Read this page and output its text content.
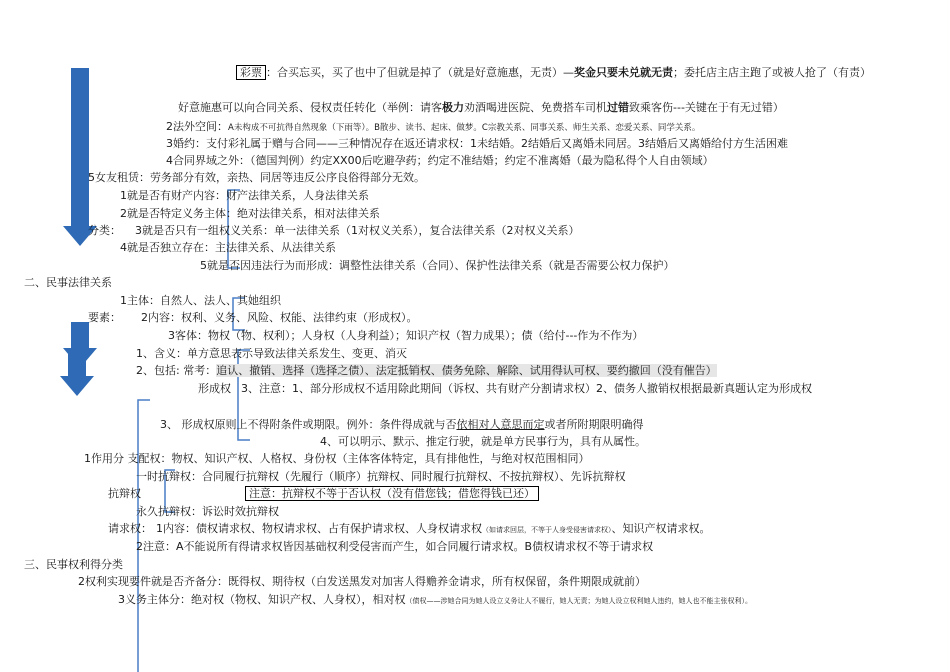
彩票 ：合买忘买，买了也中了但就是掉了（就是好意施惠，无责）—奖金只要未兑就无责；委托店主店主跑了或被人抢了（有责）
好意施惠可以向合同关系、侵权责任转化（举例：请客极力劝酒喝进医院、免费搭车司机过错致乘客伤---关键在于有无过错）
2法外空间：A未构成不可抗得自然现象（下雨等）。B散步、读书、起床、做梦。C宗教关系、同事关系、师生关系、恋爱关系、同学关系。
3婚约：支付彩礼属于赠与合同——三种情况存在返还请求权：1未结婚。2结婚后又离婚未同居。3结婚后又离婚给付方生活困难
4合同界域之外：（德国判例）约定XX00后吃避孕药；约定不准结婚；约定不准离婚（最为隐私得个人自由领域）
5女友租赁：劳务部分有效，亲热、同居等违反公序良俗得部分无效。
1就是否有财产内容：财产法律关系，人身法律关系
2就是否特定义务主体：绝对法律关系，相对法律关系
分类： 3就是否只有一组权义关系：单一法律关系（1对权义关系），复合法律关系（2对权义关系）
4就是否独立存在：主法律关系、从法律关系
5就是否因违法行为而形成：调整性法律关系（合同）、保护性法律关系（就是否需要公权力保护）
二、民事法律关系
1主体：自然人、法人、其她组织
要素： 2内容：权利、义务、风险、权能、法律约束（形成权）。
3客体：物权（物、权利）；人身权（人身利益）；知识产权（智力成果）；债（给付---作为不作为）
1、含义：单方意思表示导致法律关系发生、变更、消灭
2、包括: 常考：追认、撤销、选择（选择之债）、法定抵销权、债务免除、解除、试用得认可权、要约撤回（没有催告）
形成权 3、注意：1、部分形成权不适用除此期间（诉权、共有财产分割请求权）2、债务人撤销权根据最新真题认定为形成权
3、 形成权原则上不得附条件或期限。例外：条件得成就与否依相对人意思而定或者所附期限明确得
4、可以明示、默示、推定行驶，就是单方民事行为，具有从属性。
1作用分 支配权：物权、知识产权、人格权、身份权（主体客体特定，具有排他性，与绝对权范围相同）
一时抗辩权：合同履行抗辩权（先履行（顺序）抗辩权、同时履行抗辩权、不按抗辩权）、先诉抗辩权
抗辩权	注意：抗辩权不等于否认权（没有借您钱；借您得钱已还）
永久抗辩权：诉讼时效抗辩权
请求权： 1内容：债权请求权、物权请求权、占有保护请求权、人身权请求权（如请求回层，不等于人身受侵害请求权）、知识产权请求权。
2注意：A不能说所有得请求权皆因基础权利受侵害而产生，如合同履行请求权。B债权请求权不等于请求权
三、民事权利得分类
2权利实现要件就是否齐备分：既得权、期待权（白发送黑发对加害人得赡养金请求，所有权保留，条件期限成就前）
3义务主体分：绝对权（物权、知识产权、人身权），相对权（债权——涉她合同为她人设立义务让人不履行，她人无责；为她人设立权利她人违约，她人也不能主张权利）。
